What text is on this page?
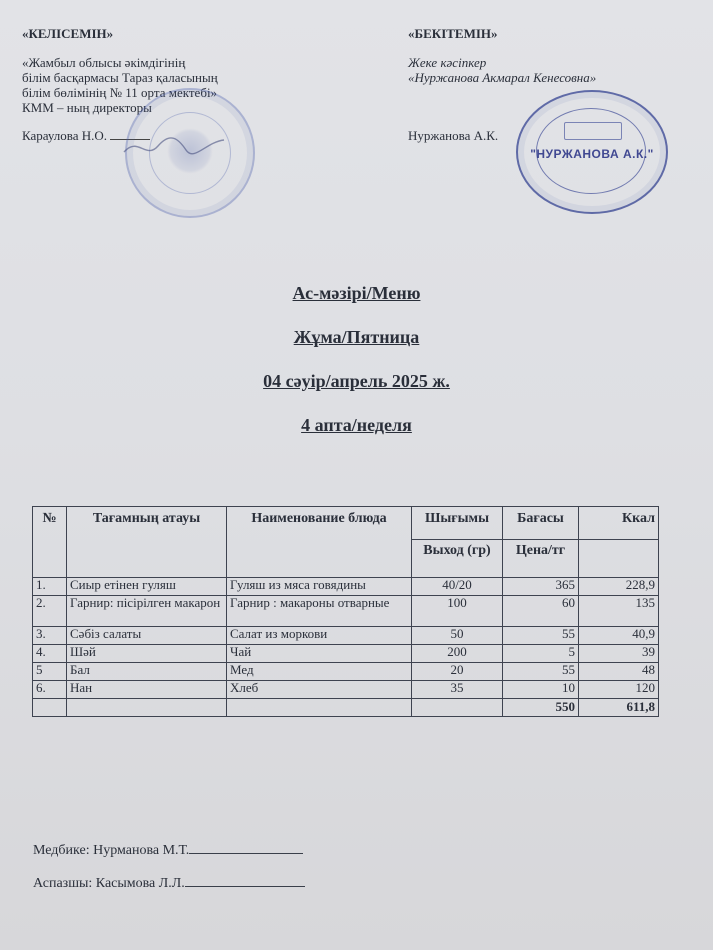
«КЕЛІСЕМІН»
«Жамбыл облысы әкімдігінің
білім басқармасы Тараз қаласының
білім бөлімінің № 11 орта мектебі»
КММ – ның директоры
Караулова Н.О.
«БЕКІТЕМІН»
Жеке кәсіпкер
«Нуржанова Акмарал Кенесовна»
Нуржанова А.К.
"НУРЖАНОВА А.К."
Ас-мәзірі/Меню
Жұма/Пятница
04 сәуір/апрель 2025 ж.
4 апта/неделя
№	Тағамның атауы	Наименование блюда	Шығымы	Бағасы	Ккал
			Выход (гр)	Цена/тг	
1.	Сиыр етінен гуляш	Гуляш из мяса говядины	40/20	365	228,9
2.	Гарнир: пісірілген макарон	Гарнир : макароны отварные	100	60	135
3.	Сәбіз салаты	Салат из моркови	50	55	40,9
4.	Шәй	Чай	200	5	39
5	Бал	Мед	20	55	48
6.	Нан	Хлеб	35	10	120
				550	611,8
Медбике: Нурманова М.Т.
Аспазшы: Касымова Л.Л.
